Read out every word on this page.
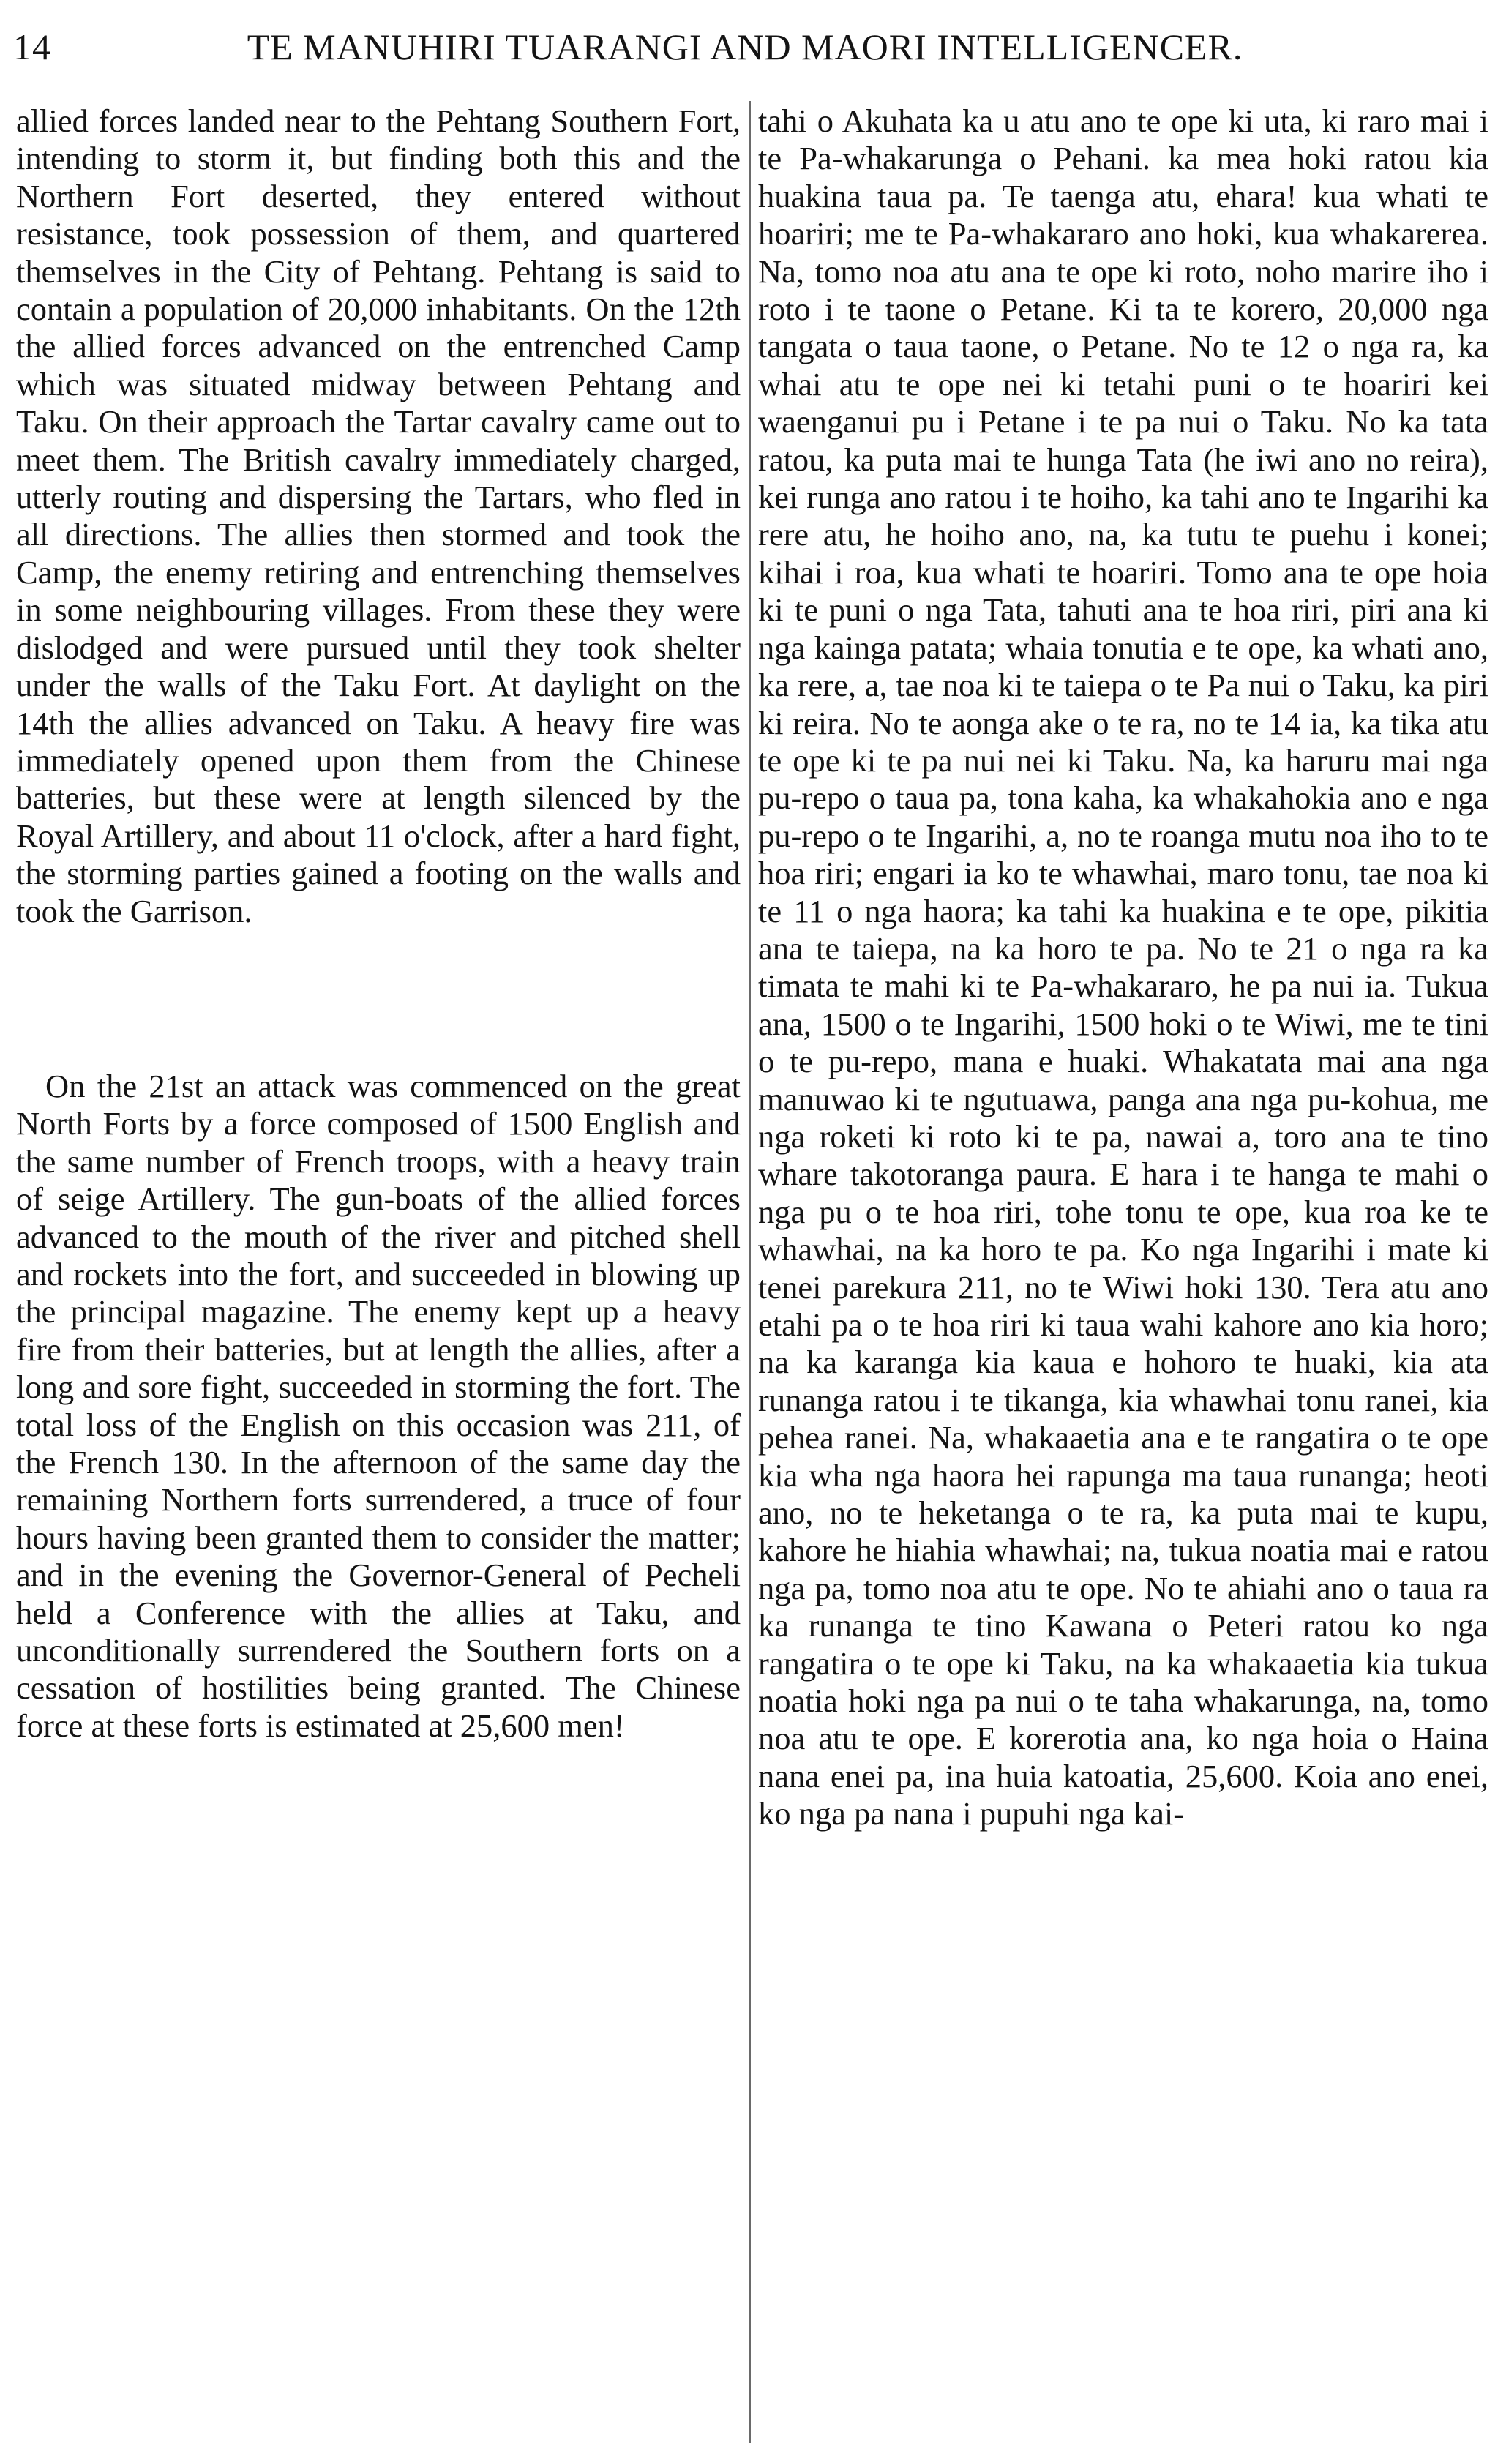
14	TE MANUHIRI TUARANGI AND MAORI INTELLIGENCER.

allied forces landed near to the Pehtang Southern Fort, intending to storm it, but finding both this and the Northern Fort deserted, they entered without resistance, took possession of them, and quartered themselves in the City of Pehtang. Pehtang is said to contain a population of 20,000 inhabitants. On the 12th the allied forces advanced on the entrenched Camp which was situated midway between Pehtang and Taku. On their approach the Tartar cavalry came out to meet them. The British cavalry immediately charged, utterly routing and dispersing the Tartars, who fled in all directions. The allies then stormed and took the Camp, the enemy retiring and entrenching themselves in some neighbouring villages. From these they were dislodged and were pursued until they took shelter under the walls of the Taku Fort. At daylight on the 14th the allies advanced on Taku. A heavy fire was immediately opened upon them from the Chinese batteries, but these were at length silenced by the Royal Artillery, and about 11 o'clock, after a hard fight, the storming parties gained a footing on the walls and took the Garrison.

On the 21st an attack was commenced on the great North Forts by a force composed of 1500 English and the same number of French troops, with a heavy train of seige Artillery. The gun-boats of the allied forces advanced to the mouth of the river and pitched shell and rockets into the fort, and succeeded in blowing up the principal magazine. The enemy kept up a heavy fire from their batteries, but at length the allies, after a long and sore fight, succeeded in storming the fort. The total loss of the English on this occasion was 211, of the French 130. In the afternoon of the same day the remaining Northern forts surrendered, a truce of four hours having been granted them to consider the matter; and in the evening the Governor-General of Pecheli held a Conference with the allies at Taku, and unconditionally surrendered the Southern forts on a cessation of hostilities being granted. The Chinese force at these forts is estimated at 25,600 men!

tahi o Akuhata ka u atu ano te ope ki uta, ki raro mai i te Pa-whakarunga o Pehani. ka mea hoki ratou kia huakina taua pa. Te taenga atu, ehara! kua whati te hoariri; me te Pa-whakararo ano hoki, kua whakarerea. Na, tomo noa atu ana te ope ki roto, noho marire iho i roto i te taone o Petane. Ki ta te korero, 20,000 nga tangata o taua taone, o Petane. No te 12 o nga ra, ka whai atu te ope nei ki tetahi puni o te hoariri kei waenganui pu i Petane i te pa nui o Taku. No ka tata ratou, ka puta mai te hunga Tata (he iwi ano no reira), kei runga ano ratou i te hoiho, ka tahi ano te Ingarihi ka rere atu, he hoiho ano, na, ka tutu te puehu i konei; kihai i roa, kua whati te hoariri. Tomo ana te ope hoia ki te puni o nga Tata, tahuti ana te hoa riri, piri ana ki nga kainga patata; whaia tonutia e te ope, ka whati ano, ka rere, a, tae noa ki te taiepa o te Pa nui o Taku, ka piri ki reira. No te aonga ake o te ra, no te 14 ia, ka tika atu te ope ki te pa nui nei ki Taku. Na, ka haruru mai nga pu-repo o taua pa, tona kaha, ka whakahokia ano e nga pu-repo o te Ingarihi, a, no te roanga mutu noa iho to te hoa riri; engari ia ko te whawhai, maro tonu, tae noa ki te 11 o nga haora; ka tahi ka huakina e te ope, pikitia ana te taiepa, na ka horo te pa. No te 21 o nga ra ka timata te mahi ki te Pa-whakararo, he pa nui ia. Tukua ana, 1500 o te Ingarihi, 1500 hoki o te Wiwi, me te tini o te pu-repo, mana e huaki. Whakatata mai ana nga manuwao ki te ngutuawa, panga ana nga pu-kohua, me nga roketi ki roto ki te pa, nawai a, toro ana te tino whare takotoranga paura. E hara i te hanga te mahi o nga pu o te hoa riri, tohe tonu te ope, kua roa ke te whawhai, na ka horo te pa. Ko nga Ingarihi i mate ki tenei parekura 211, no te Wiwi hoki 130. Tera atu ano etahi pa o te hoa riri ki taua wahi kahore ano kia horo; na ka karanga kia kaua e hohoro te huaki, kia ata runanga ratou i te tikanga, kia whawhai tonu ranei, kia pehea ranei. Na, whakaaetia ana e te rangatira o te ope kia wha nga haora hei rapunga ma taua runanga; heoti ano, no te heketanga o te ra, ka puta mai te kupu, kahore he hiahia whawhai; na, tukua noatia mai e ratou nga pa, tomo noa atu te ope. No te ahiahi ano o taua ra ka runanga te tino Kawana o Peteri ratou ko nga rangatira o te ope ki Taku, na ka whakaaetia kia tukua noatia hoki nga pa nui o te taha whakarunga, na, tomo noa atu te ope. E korerotia ana, ko nga hoia o Haina nana enei pa, ina huia katoatia, 25,600. Koia ano enei, ko nga pa nana i pupuhi nga kai-
